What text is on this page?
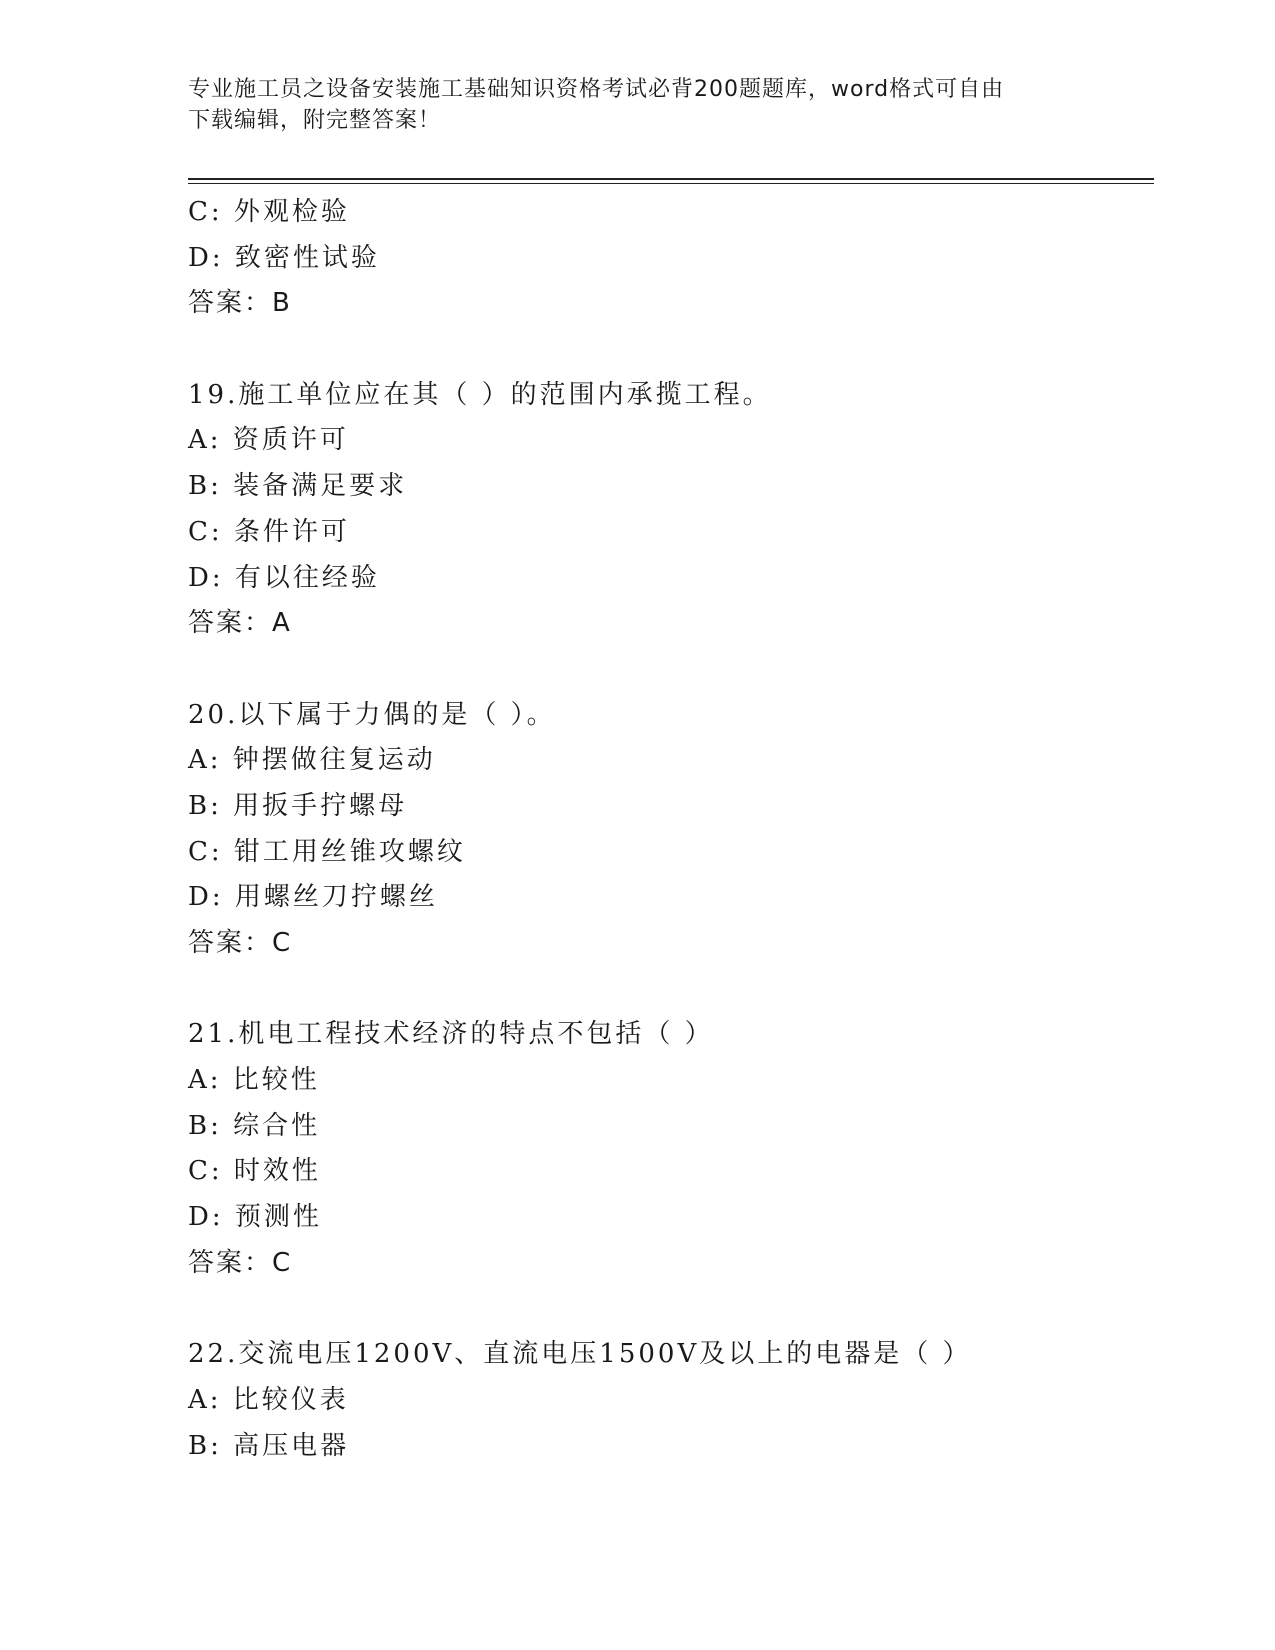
专业施工员之设备安装施工基础知识资格考试必背200题题库，word格式可自由
下载编辑，附完整答案！
C: 外观检验
D: 致密性试验
答案：B
19.施工单位应在其（ ）的范围内承揽工程。
A: 资质许可
B: 装备满足要求
C: 条件许可
D: 有以往经验
答案：A
20.以下属于力偶的是（ ）。
A: 钟摆做往复运动
B: 用扳手拧螺母
C: 钳工用丝锥攻螺纹
D: 用螺丝刀拧螺丝
答案：C
21.机电工程技术经济的特点不包括（ ）
A: 比较性
B: 综合性
C: 时效性
D: 预测性
答案：C
22.交流电压1200V、直流电压1500V及以上的电器是（ ）
A: 比较仪表
B: 高压电器
